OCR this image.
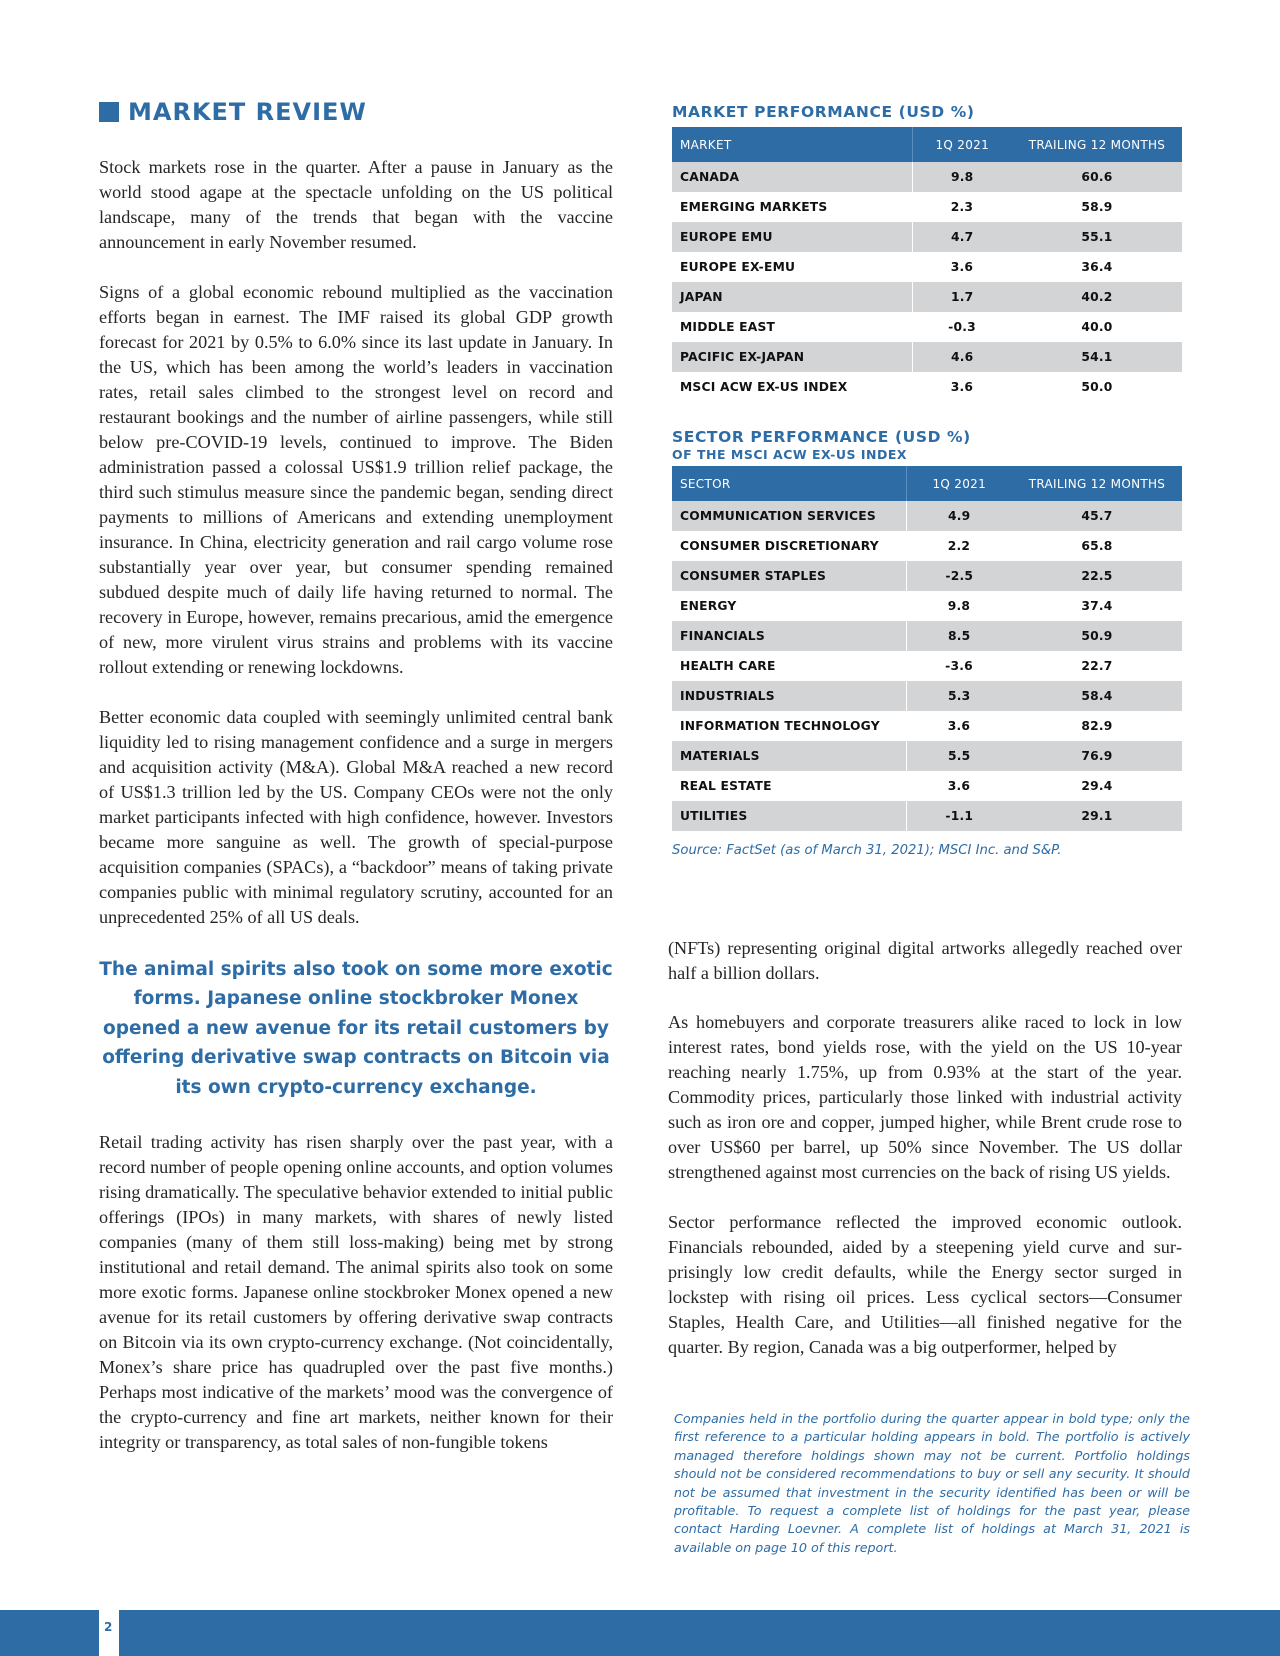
MARKET REVIEW

Stock markets rose in the quarter. After a pause in January as the world stood agape at the spectacle unfolding on the US political landscape, many of the trends that began with the vaccine announcement in early November resumed.

Signs of a global economic rebound multiplied as the vaccination efforts began in earnest. The IMF raised its global GDP growth forecast for 2021 by 0.5% to 6.0% since its last update in January. In the US, which has been among the world’s leaders in vaccination rates, retail sales climbed to the strongest level on record and restaurant bookings and the number of airline passengers, while still below pre-COVID-19 levels, continued to improve. The Biden administration passed a colossal US$1.9 trillion relief package, the third such stimulus measure since the pandemic began, sending direct payments to millions of Americans and extending unemployment insurance. In China, electricity generation and rail cargo volume rose substantially year over year, but consumer spending remained subdued despite much of daily life having returned to normal. The recovery in Europe, however, remains precarious, amid the emergence of new, more virulent virus strains and problems with its vaccine rollout extending or renewing lockdowns.

Better economic data coupled with seemingly unlimited central bank liquidity led to rising management confidence and a surge in mergers and acquisition activity (M&A). Global M&A reached a new record of US$1.3 trillion led by the US. Company CEOs were not the only market participants infected with high confidence, however. Investors became more sanguine as well. The growth of special-purpose acquisition companies (SPACs), a “backdoor” means of taking private companies public with minimal regulatory scrutiny, accounted for an unprecedented 25% of all US deals.

The animal spirits also took on some more exotic forms. Japanese online stockbroker Monex opened a new avenue for its retail customers by offering derivative swap contracts on Bitcoin via its own crypto-currency exchange.

Retail trading activity has risen sharply over the past year, with a record number of people opening online accounts, and option volumes rising dramatically. The speculative behavior extended to initial public offerings (IPOs) in many markets, with shares of newly listed companies (many of them still loss-making) being met by strong institutional and retail demand. The animal spirits also took on some more exotic forms. Japanese online stockbroker Monex opened a new avenue for its retail customers by offering derivative swap contracts on Bitcoin via its own crypto-currency exchange. (Not coincidentally, Monex’s share price has quadrupled over the past five months.) Perhaps most indicative of the markets’ mood was the convergence of the crypto-currency and fine art markets, neither known for their integrity or transparency, as total sales of non-fungible tokens

MARKET PERFORMANCE (USD %)
MARKET	1Q 2021	TRAILING 12 MONTHS
CANADA	9.8	60.6
EMERGING MARKETS	2.3	58.9
EUROPE EMU	4.7	55.1
EUROPE EX-EMU	3.6	36.4
JAPAN	1.7	40.2
MIDDLE EAST	-0.3	40.0
PACIFIC EX-JAPAN	4.6	54.1
MSCI ACW EX-US INDEX	3.6	50.0
SECTOR PERFORMANCE (USD %)
OF THE MSCI ACW EX-US INDEX
SECTOR	1Q 2021	TRAILING 12 MONTHS
COMMUNICATION SERVICES	4.9	45.7
CONSUMER DISCRETIONARY	2.2	65.8
CONSUMER STAPLES	-2.5	22.5
ENERGY	9.8	37.4
FINANCIALS	8.5	50.9
HEALTH CARE	-3.6	22.7
INDUSTRIALS	5.3	58.4
INFORMATION TECHNOLOGY	3.6	82.9
MATERIALS	5.5	76.9
REAL ESTATE	3.6	29.4
UTILITIES	-1.1	29.1
Source: FactSet (as of March 31, 2021); MSCI Inc. and S&P.

(NFTs) representing original digital artworks allegedly reached over half a billion dollars.

As homebuyers and corporate treasurers alike raced to lock in low interest rates, bond yields rose, with the yield on the US 10-year reaching nearly 1.75%, up from 0.93% at the start of the year. Commodity prices, particularly those linked with industrial activity such as iron ore and copper, jumped higher, while Brent crude rose to over US$60 per barrel, up 50% since November. The US dollar strengthened against most currencies on the back of rising US yields.

Sector performance reflected the improved economic outlook. Financials rebounded, aided by a steepening yield curve and surprisingly low credit defaults, while the Energy sector surged in lockstep with rising oil prices. Less cyclical sectors—Consumer Staples, Health Care, and Utilities—all finished negative for the quarter. By region, Canada was a big outperformer, helped by

Companies held in the portfolio during the quarter appear in bold type; only the first reference to a particular holding appears in bold. The portfolio is actively managed therefore holdings shown may not be current. Portfolio holdings should not be considered recommendations to buy or sell any security. It should not be assumed that investment in the security identified has been or will be profitable. To request a complete list of holdings for the past year, please contact Harding Loevner. A complete list of holdings at March 31, 2021 is available on page 10 of this report.
2
